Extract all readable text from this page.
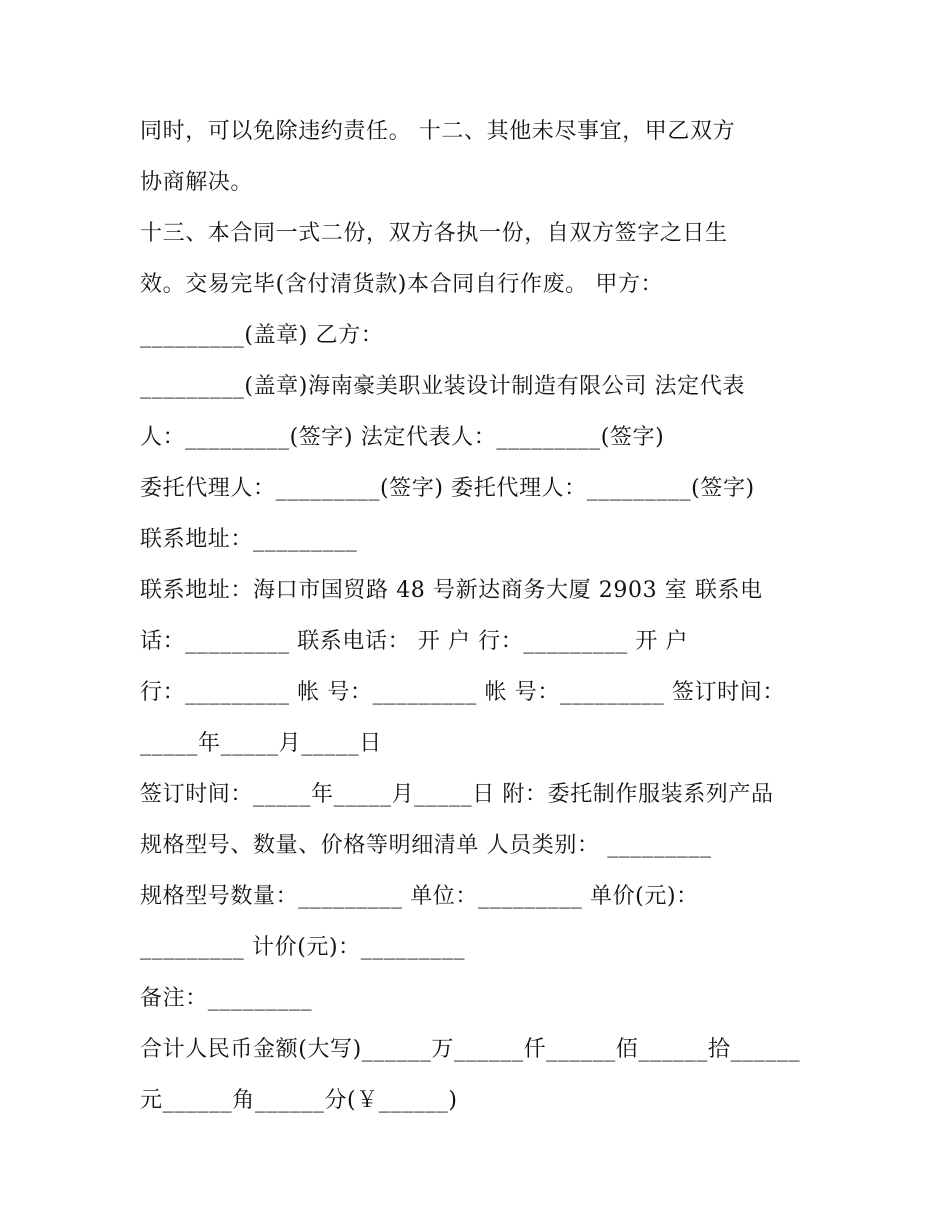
同时，可以免除违约责任。 十二、其他未尽事宜，甲乙双方
协商解决。
十三、本合同一式二份，双方各执一份，自双方签字之日生
效。交易完毕(含付清货款)本合同自行作废。 甲方：
_________(盖章) 乙方：
_________(盖章)海南豪美职业装设计制造有限公司 法定代表
人：_________(签字) 法定代表人：_________(签字)
委托代理人：_________(签字) 委托代理人：_________(签字)
联系地址：_________
联系地址：海口市国贸路 48 号新达商务大厦 2903 室 联系电
话：_________ 联系电话： 开 户 行：_________ 开 户
行：_________ 帐 号：_________ 帐 号：_________ 签订时间：
_____年_____月_____日
签订时间：_____年_____月_____日 附：委托制作服装系列产品
规格型号、数量、价格等明细清单 人员类别： _________
规格型号数量：_________ 单位：_________ 单价(元)：
_________ 计价(元)：_________
备注：_________
合计人民币金额(大写)______万______仟______佰______拾______
元______角______分(￥______)
